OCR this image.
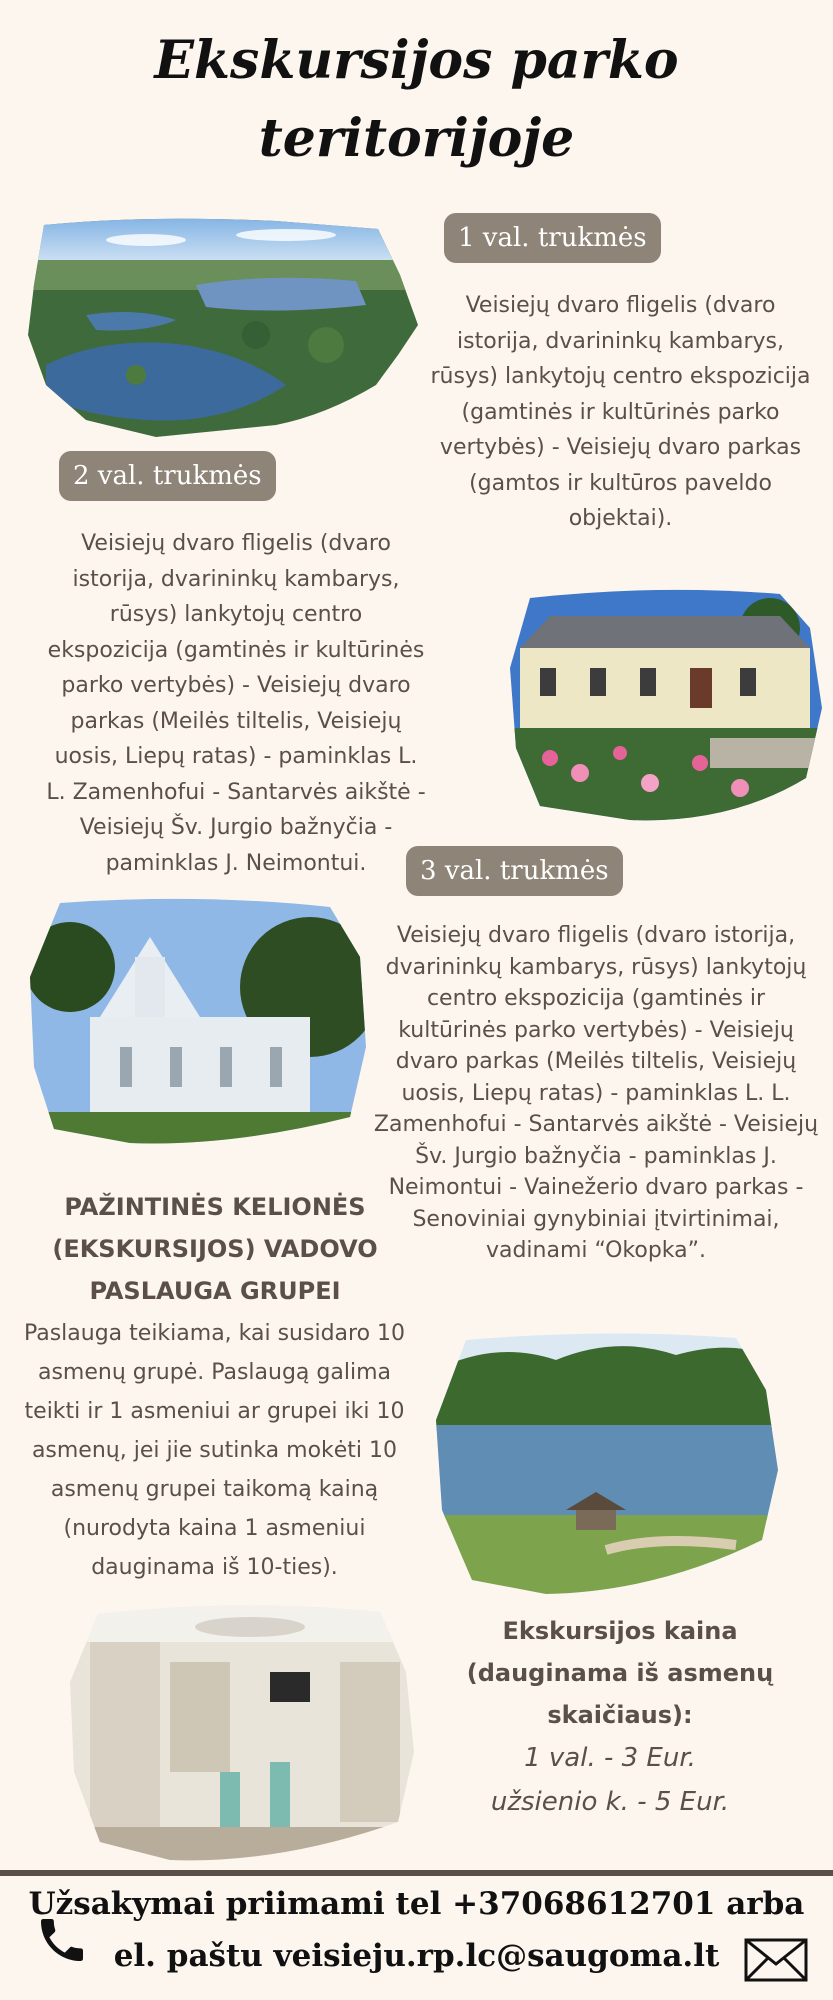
Ekskursijos parko
teritorijoje
1 val. trukmės
Veisiejų dvaro fligelis (dvaro
istorija, dvarininkų kambarys,
rūsys) lankytojų centro ekspozicija
(gamtinės ir kultūrinės parko
vertybės) - Veisiejų dvaro parkas
(gamtos ir kultūros paveldo
objektai).
2 val. trukmės
Veisiejų dvaro fligelis (dvaro
istorija, dvarininkų kambarys,
rūsys) lankytojų centro
ekspozicija (gamtinės ir kultūrinės
parko vertybės) - Veisiejų dvaro
parkas (Meilės tiltelis, Veisiejų
uosis, Liepų ratas) - paminklas L.
L. Zamenhofui - Santarvės aikštė -
Veisiejų Šv. Jurgio bažnyčia -
paminklas J. Neimontui.	3 val. trukmės
Veisiejų dvaro fligelis (dvaro istorija,
dvarininkų kambarys, rūsys) lankytojų
centro ekspozicija (gamtinės ir
kultūrinės parko vertybės) - Veisiejų
dvaro parkas (Meilės tiltelis, Veisiejų
uosis, Liepų ratas) - paminklas L. L.
Zamenhofui - Santarvės aikštė - Veisiejų
Šv. Jurgio bažnyčia - paminklas J.
Neimontui - Vainežerio dvaro parkas -
Senoviniai gynybiniai įtvirtinimai,
vadinami “Okopka”.
PAŽINTINĖS KELIONĖS
(EKSKURSIJOS) VADOVO
PASLAUGA GRUPEI
Paslauga teikiama, kai susidaro 10
asmenų grupė. Paslaugą galima
teikti ir 1 asmeniui ar grupei iki 10
asmenų, jei jie sutinka mokėti 10
asmenų grupei taikomą kainą
(nurodyta kaina 1 asmeniui
dauginama iš 10-ties).
Ekskursijos kaina
(dauginama iš asmenų
skaičiaus):
1 val. - 3 Eur.
užsienio k. - 5 Eur.
Užsakymai priimami tel +37068612701 arba
el. paštu veisieju.rp.lc@saugoma.lt
